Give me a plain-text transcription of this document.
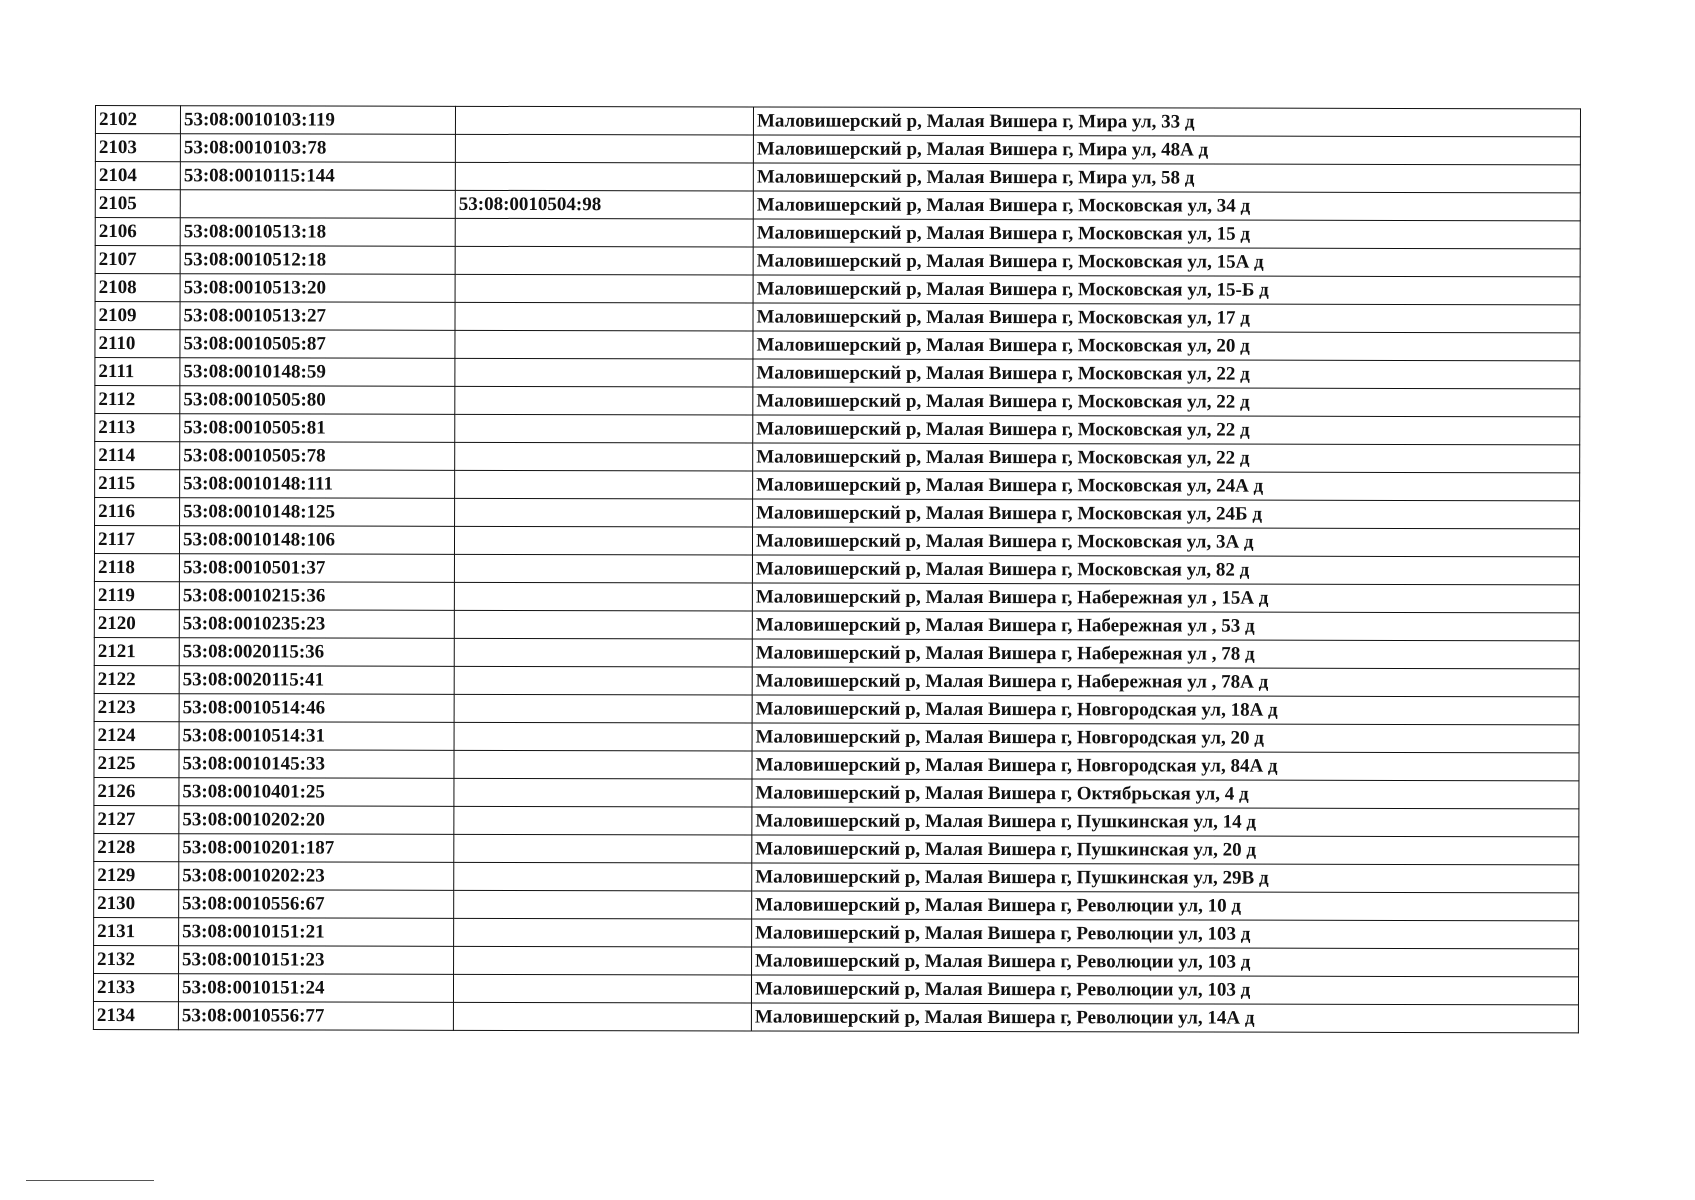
2102	53:08:0010103:119		Маловишерский р, Малая Вишера г, Мира ул, 33 д
2103	53:08:0010103:78		Маловишерский р, Малая Вишера г, Мира ул, 48А д
2104	53:08:0010115:144		Маловишерский р, Малая Вишера г, Мира ул, 58 д
2105		53:08:0010504:98	Маловишерский р, Малая Вишера г, Московская ул, 34 д
2106	53:08:0010513:18		Маловишерский р, Малая Вишера г, Московская ул, 15 д
2107	53:08:0010512:18		Маловишерский р, Малая Вишера г, Московская ул, 15А д
2108	53:08:0010513:20		Маловишерский р, Малая Вишера г, Московская ул, 15-Б д
2109	53:08:0010513:27		Маловишерский р, Малая Вишера г, Московская ул, 17 д
2110	53:08:0010505:87		Маловишерский р, Малая Вишера г, Московская ул, 20 д
2111	53:08:0010148:59		Маловишерский р, Малая Вишера г, Московская ул, 22 д
2112	53:08:0010505:80		Маловишерский р, Малая Вишера г, Московская ул, 22 д
2113	53:08:0010505:81		Маловишерский р, Малая Вишера г, Московская ул, 22 д
2114	53:08:0010505:78		Маловишерский р, Малая Вишера г, Московская ул, 22 д
2115	53:08:0010148:111		Маловишерский р, Малая Вишера г, Московская ул, 24А д
2116	53:08:0010148:125		Маловишерский р, Малая Вишера г, Московская ул, 24Б д
2117	53:08:0010148:106		Маловишерский р, Малая Вишера г, Московская ул, 3А д
2118	53:08:0010501:37		Маловишерский р, Малая Вишера г, Московская ул, 82 д
2119	53:08:0010215:36		Маловишерский р, Малая Вишера г, Набережная ул , 15А д
2120	53:08:0010235:23		Маловишерский р, Малая Вишера г, Набережная ул , 53 д
2121	53:08:0020115:36		Маловишерский р, Малая Вишера г, Набережная ул , 78 д
2122	53:08:0020115:41		Маловишерский р, Малая Вишера г, Набережная ул , 78А д
2123	53:08:0010514:46		Маловишерский р, Малая Вишера г, Новгородская ул, 18А д
2124	53:08:0010514:31		Маловишерский р, Малая Вишера г, Новгородская ул, 20 д
2125	53:08:0010145:33		Маловишерский р, Малая Вишера г, Новгородская ул, 84А д
2126	53:08:0010401:25		Маловишерский р, Малая Вишера г, Октябрьская ул, 4 д
2127	53:08:0010202:20		Маловишерский р, Малая Вишера г, Пушкинская ул, 14 д
2128	53:08:0010201:187		Маловишерский р, Малая Вишера г, Пушкинская ул, 20 д
2129	53:08:0010202:23		Маловишерский р, Малая Вишера г, Пушкинская ул, 29В д
2130	53:08:0010556:67		Маловишерский р, Малая Вишера г, Революции ул, 10 д
2131	53:08:0010151:21		Маловишерский р, Малая Вишера г, Революции ул, 103 д
2132	53:08:0010151:23		Маловишерский р, Малая Вишера г, Революции ул, 103 д
2133	53:08:0010151:24		Маловишерский р, Малая Вишера г, Революции ул, 103 д
2134	53:08:0010556:77		Маловишерский р, Малая Вишера г, Революции ул, 14А д
